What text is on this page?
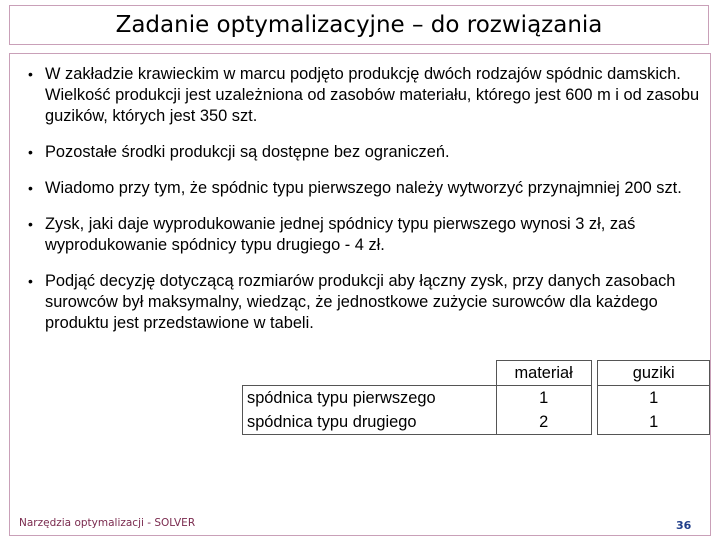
Zadanie optymalizacyjne – do rozwiązania
• W zakładzie krawieckim w marcu podjęto produkcję dwóch rodzajów spódnic damskich. Wielkość produkcji jest uzależniona od zasobów materiału, którego jest 600 m i od zasobu guzików, których jest 350 szt.
• Pozostałe środki produkcji są dostępne bez ograniczeń.
• Wiadomo przy tym, że spódnic typu pierwszego należy wytworzyć przynajmniej 200 szt.
• Zysk, jaki daje wyprodukowanie jednej spódnicy typu pierwszego wynosi 3 zł, zaś wyprodukowanie spódnicy typu drugiego - 4 zł.
• Podjąć decyzję dotyczącą rozmiarów produkcji aby łączny zysk, przy danych zasobach surowców był maksymalny, wiedząc, że jednostkowe zużycie surowców dla każdego produktu jest przedstawione w tabeli.
	materiał		guziki
spódnica typu pierwszego	1		1
spódnica typu drugiego	2		1
Narzędzia optymalizacji - SOLVER	36
